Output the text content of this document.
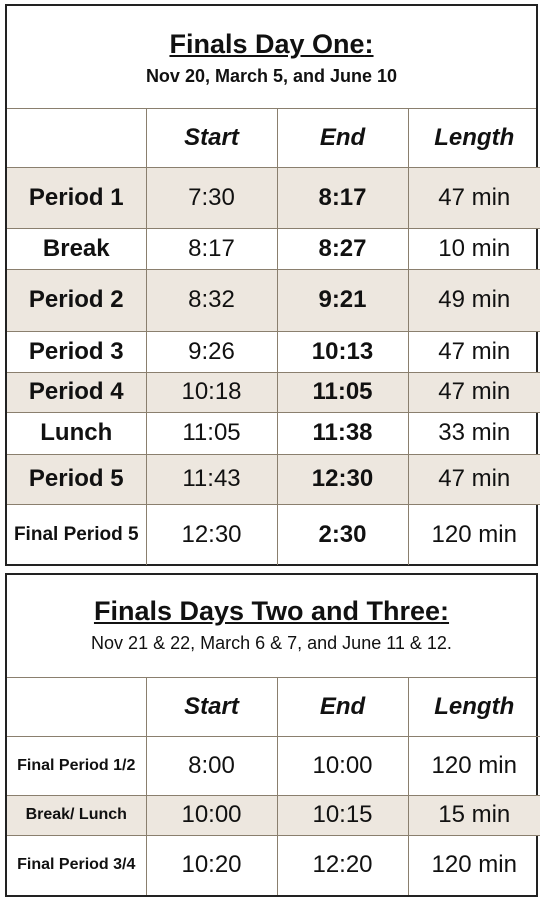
Finals Day One:
Nov 20, March 5, and June 10
	Start	End	Length
Period 1	7:30	8:17	47 min
Break	8:17	8:27	10 min
Period 2	8:32	9:21	49 min
Period 3	9:26	10:13	47 min
Period 4	10:18	11:05	47 min
Lunch	11:05	11:38	33 min
Period 5	11:43	12:30	47 min
Final Period 5	12:30	2:30	120 min
Finals Days Two and Three:
Nov 21 & 22, March 6 & 7, and June 11 & 12.
	Start	End	Length
Final Period 1/2	8:00	10:00	120 min
Break/ Lunch	10:00	10:15	15 min
Final Period 3/4	10:20	12:20	120 min
